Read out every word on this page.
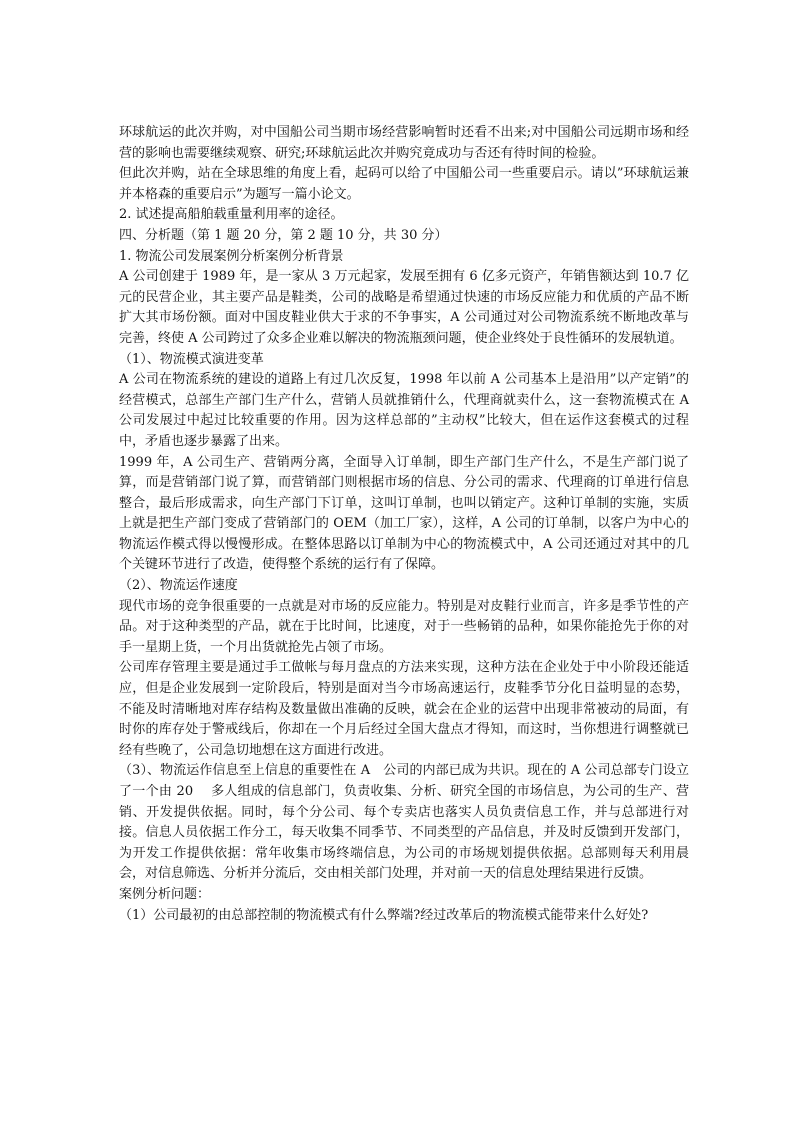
环球航运的此次并购，对中国船公司当期市场经营影响暂时还看不出来;对中国船公司远期市场和经营的影响也需要继续观察、研究;环球航运此次并购究竟成功与否还有待时间的检验。

但此次并购，站在全球思维的角度上看，起码可以给了中国船公司一些重要启示。请以”环球航运兼并本格森的重要启示”为题写一篇小论文。

2. 试述提高船舶载重量利用率的途径。

四、分析题（第 1 题 20 分，第 2 题 10 分，共 30 分）

1. 物流公司发展案例分析案例分析背景

A 公司创建于 1989 年，是一家从 3 万元起家，发展至拥有 6 亿多元资产，年销售额达到 10.7 亿元的民营企业，其主要产品是鞋类，公司的战略是希望通过快速的市场反应能力和优质的产品不断扩大其市场份额。面对中国皮鞋业供大于求的不争事实，A 公司通过对公司物流系统不断地改革与完善，终使 A 公司跨过了众多企业难以解决的物流瓶颈问题，使企业终处于良性循环的发展轨道。

（1）、物流模式演进变革

A 公司在物流系统的建设的道路上有过几次反复，1998 年以前 A 公司基本上是沿用”以产定销”的经营模式，总部生产部门生产什么，营销人员就推销什么，代理商就卖什么，这一套物流模式在 A 公司发展过中起过比较重要的作用。因为这样总部的”主动权”比较大，但在运作这套模式的过程中，矛盾也逐步暴露了出来。

1999 年，A 公司生产、营销两分离，全面导入订单制，即生产部门生产什么，不是生产部门说了算，而是营销部门说了算，而营销部门则根据市场的信息、分公司的需求、代理商的订单进行信息整合，最后形成需求，向生产部门下订单，这叫订单制，也叫以销定产。这种订单制的实施，实质上就是把生产部门变成了营销部门的 OEM（加工厂家），这样，A 公司的订单制，以客户为中心的物流运作模式得以慢慢形成。在整体思路以订单制为中心的物流模式中，A 公司还通过对其中的几个关键环节进行了改造，使得整个系统的运行有了保障。

（2）、物流运作速度

现代市场的竞争很重要的一点就是对市场的反应能力。特别是对皮鞋行业而言，许多是季节性的产品。对于这种类型的产品，就在于比时间，比速度，对于一些畅销的品种，如果你能抢先于你的对手一星期上货，一个月出货就抢先占领了市场。

公司库存管理主要是通过手工做帐与每月盘点的方法来实现，这种方法在企业处于中小阶段还能适应，但是企业发展到一定阶段后，特别是面对当今市场高速运行，皮鞋季节分化日益明显的态势，不能及时清晰地对库存结构及数量做出准确的反映，就会在企业的运营中出现非常被动的局面，有时你的库存处于警戒线后，你却在一个月后经过全国大盘点才得知，而这时，当你想进行调整就已经有些晚了，公司急切地想在这方面进行改进。

（3）、物流运作信息至上信息的重要性在 A　公司的内部已成为共识。现在的 A 公司总部专门设立了一个由 20　 多人组成的信息部门，负责收集、分析、研究全国的市场信息，为公司的生产、营销、开发提供依据。同时，每个分公司、每个专卖店也落实人员负责信息工作，并与总部进行对接。信息人员依据工作分工，每天收集不同季节、不同类型的产品信息，并及时反馈到开发部门，为开发工作提供依据：常年收集市场终端信息，为公司的市场规划提供依据。总部则每天利用晨会，对信息筛选、分析并分流后，交由相关部门处理，并对前一天的信息处理结果进行反馈。

案例分析问题：

（1）公司最初的由总部控制的物流模式有什么弊端?经过改革后的物流模式能带来什么好处?
